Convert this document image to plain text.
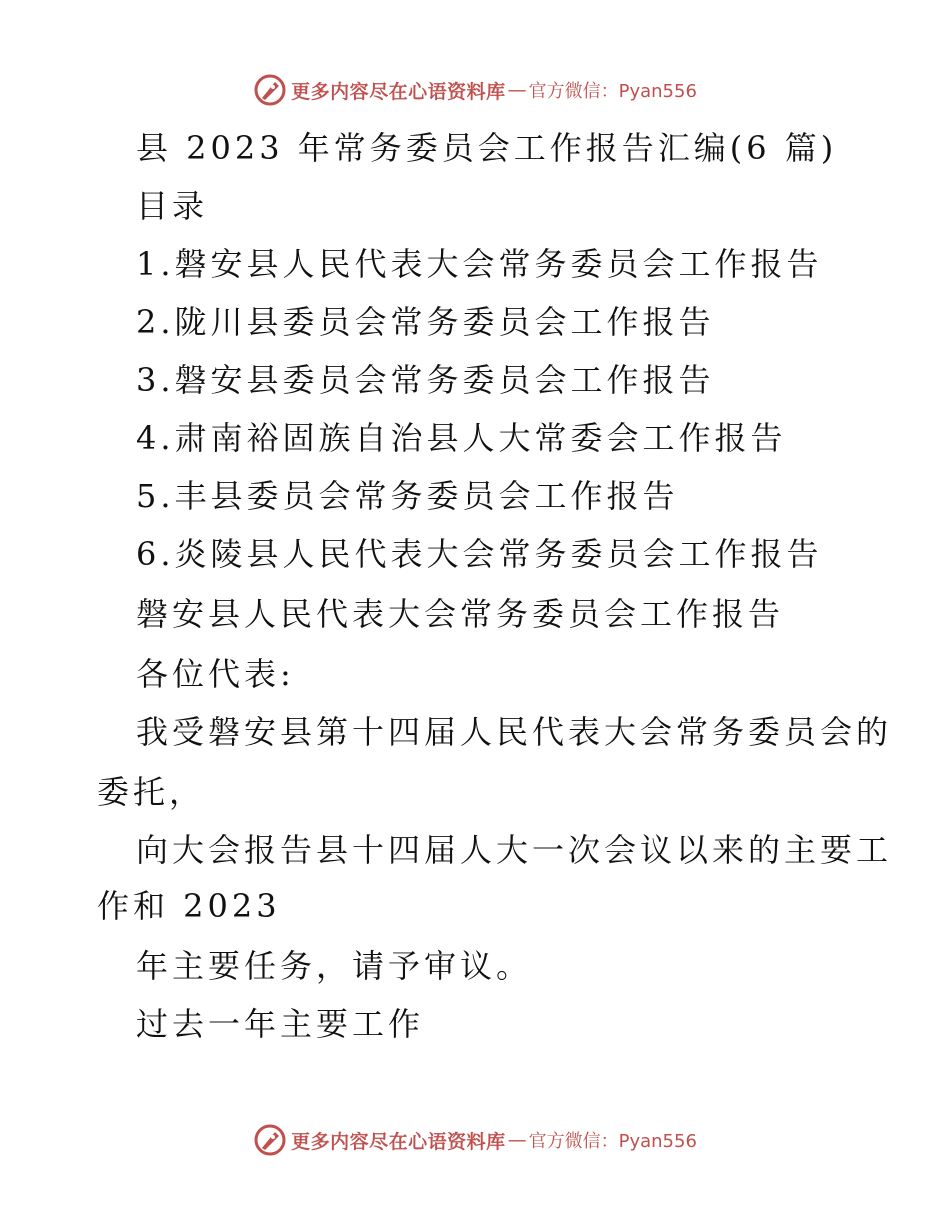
更多内容尽在心语资料库 — 官方微信：Pyan556
县 2023 年常务委员会工作报告汇编(6 篇)
目录
1.磐安县人民代表大会常务委员会工作报告
2.陇川县委员会常务委员会工作报告
3.磐安县委员会常务委员会工作报告
4.肃南裕固族自治县人大常委会工作报告
5.丰县委员会常务委员会工作报告
6.炎陵县人民代表大会常务委员会工作报告
磐安县人民代表大会常务委员会工作报告
各位代表:
我受磐安县第十四届人民代表大会常务委员会的
委托，
向大会报告县十四届人大一次会议以来的主要工
作和 2023
年主要任务，请予审议。
过去一年主要工作
更多内容尽在心语资料库 — 官方微信：Pyan556
